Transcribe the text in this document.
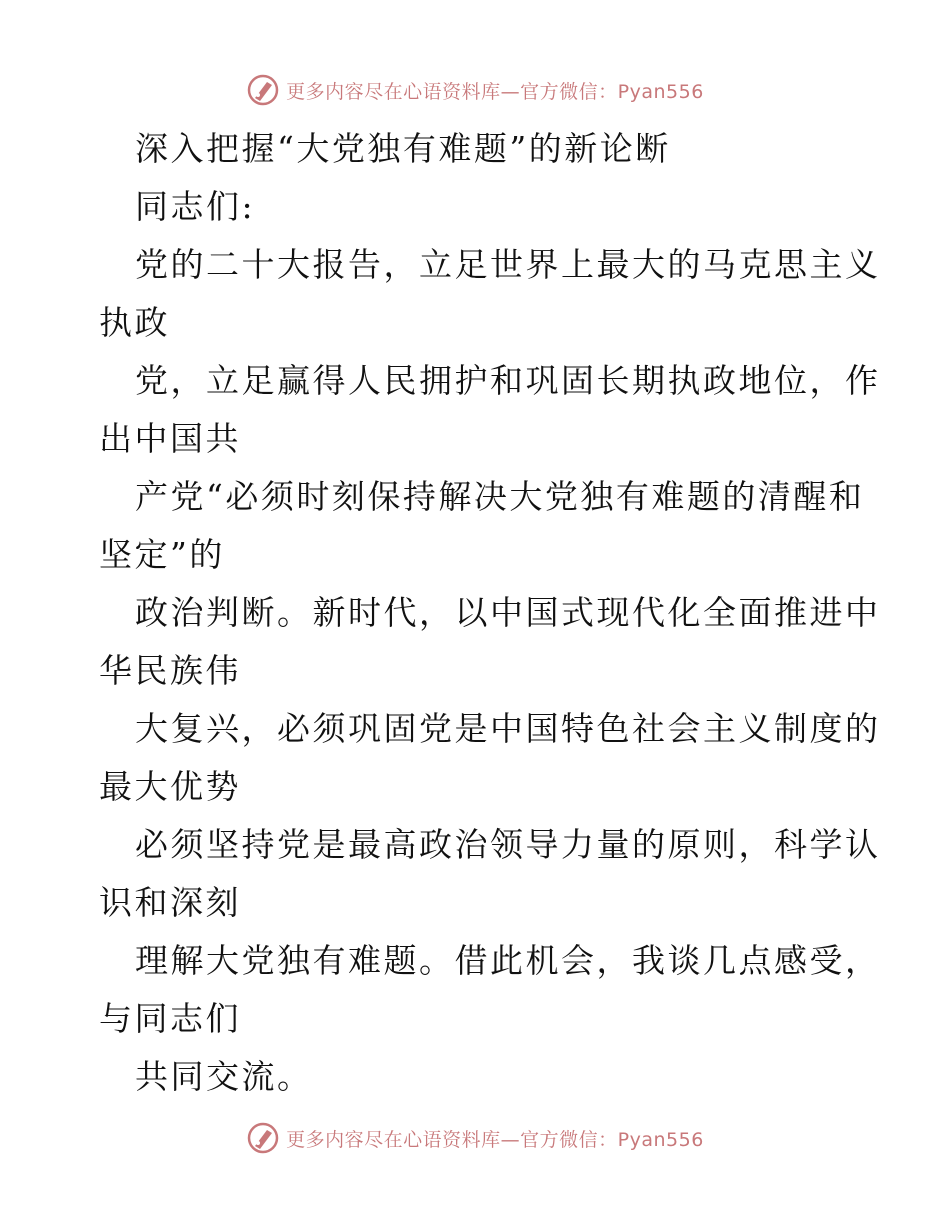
更多内容尽在心语资料库—官方微信：Pyan556
深入把握“大党独有难题”的新论断
同志们:
党的二十大报告，立足世界上最大的马克思主义
执政
党，立足赢得人民拥护和巩固长期执政地位，作
出中国共
产党“必须时刻保持解决大党独有难题的清醒和
坚定”的
政治判断。新时代，以中国式现代化全面推进中
华民族伟
大复兴，必须巩固党是中国特色社会主义制度的
最大优势
必须坚持党是最高政治领导力量的原则，科学认
识和深刻
理解大党独有难题。借此机会，我谈几点感受，
与同志们
共同交流。
更多内容尽在心语资料库—官方微信：Pyan556
